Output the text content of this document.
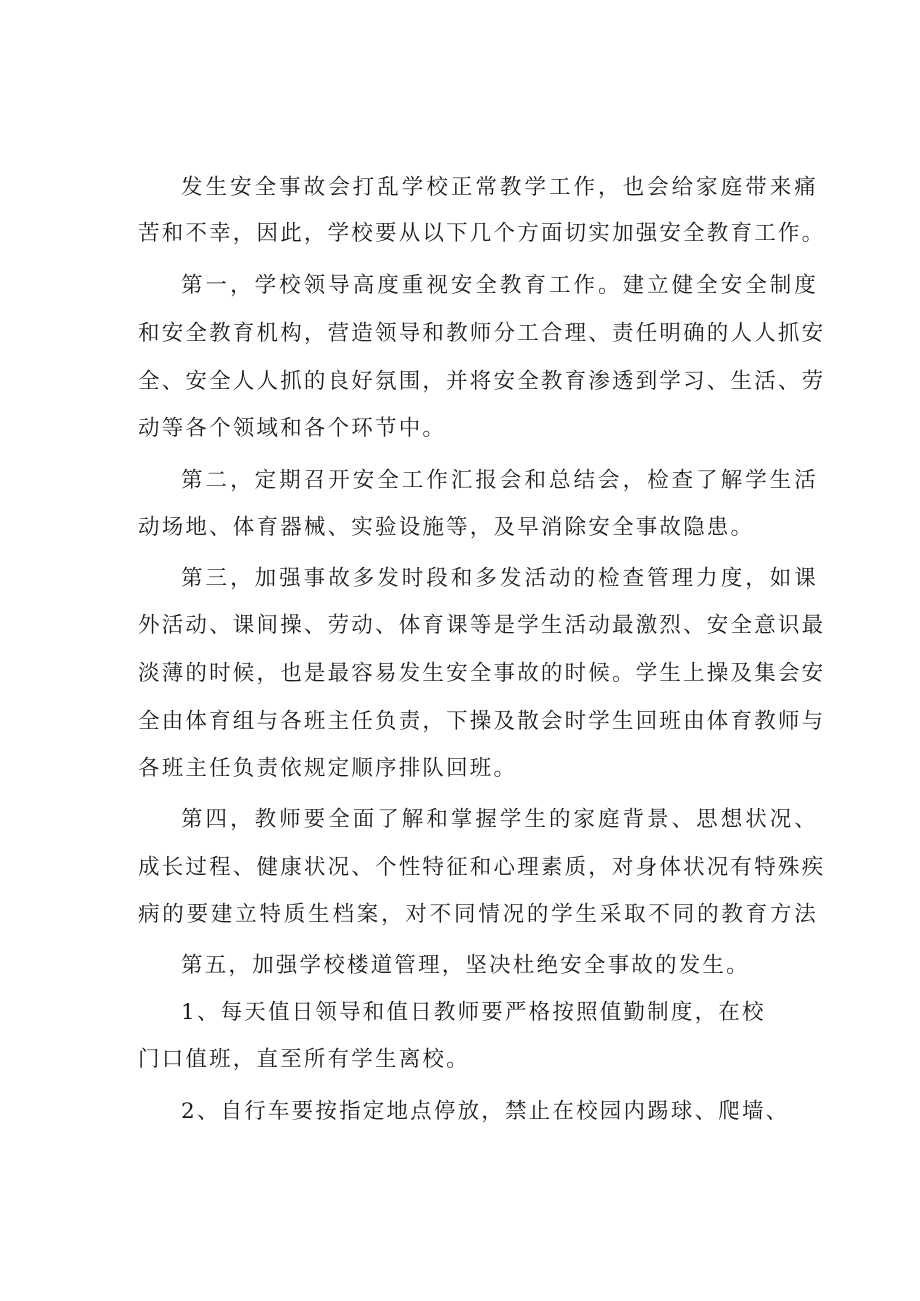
发生安全事故会打乱学校正常教学工作，也会给家庭带来痛
苦和不幸，因此，学校要从以下几个方面切实加强安全教育工作。
第一，学校领导高度重视安全教育工作。建立健全安全制度
和安全教育机构，营造领导和教师分工合理、责任明确的人人抓安
全、安全人人抓的良好氛围，并将安全教育渗透到学习、生活、劳
动等各个领域和各个环节中。
第二，定期召开安全工作汇报会和总结会，检查了解学生活
动场地、体育器械、实验设施等，及早消除安全事故隐患。
第三，加强事故多发时段和多发活动的检查管理力度，如课
外活动、课间操、劳动、体育课等是学生活动最激烈、安全意识最
淡薄的时候，也是最容易发生安全事故的时候。学生上操及集会安
全由体育组与各班主任负责，下操及散会时学生回班由体育教师与
各班主任负责依规定顺序排队回班。
第四，教师要全面了解和掌握学生的家庭背景、思想状况、
成长过程、健康状况、个性特征和心理素质，对身体状况有特殊疾
病的要建立特质生档案，对不同情况的学生采取不同的教育方法
第五，加强学校楼道管理，坚决杜绝安全事故的发生。
1、每天值日领导和值日教师要严格按照值勤制度，在校
门口值班，直至所有学生离校。
2、自行车要按指定地点停放，禁止在校园内踢球、爬墙、
